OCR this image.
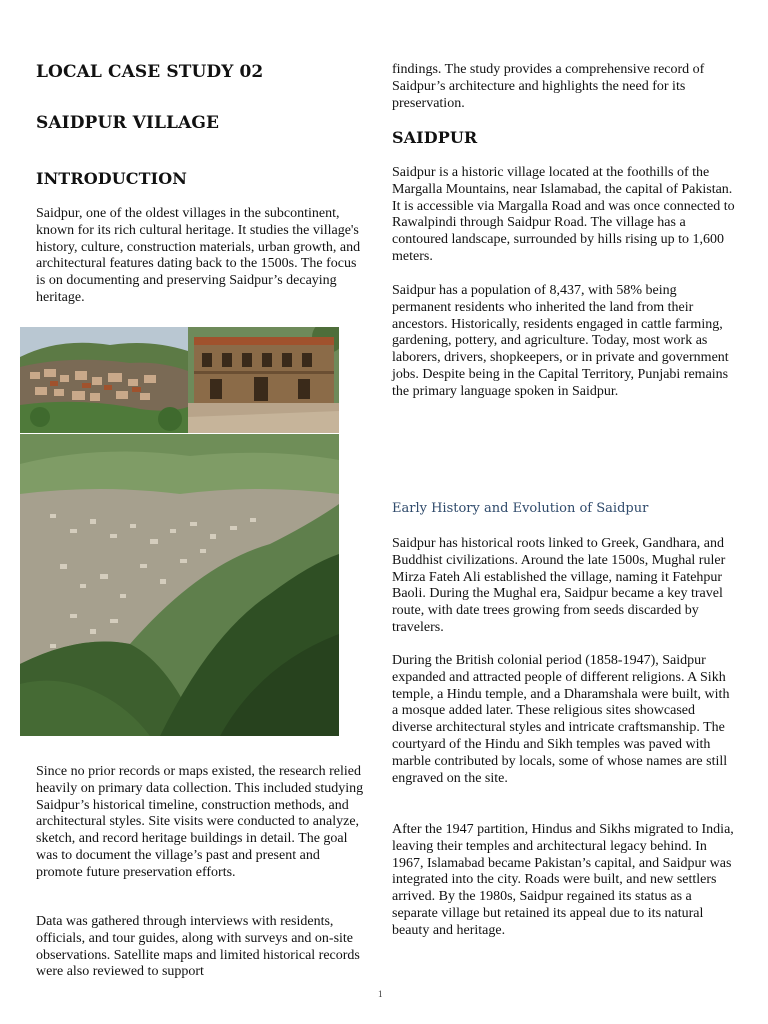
LOCAL CASE STUDY 02
SAIDPUR VILLAGE
INTRODUCTION

Saidpur, one of the oldest villages in the subcontinent, known for its rich cultural heritage. It studies the village's history, culture, construction materials, urban growth, and architectural features dating back to the 1500s. The focus is on documenting and preserving Saidpur’s decaying heritage.

Since no prior records or maps existed, the research relied heavily on primary data collection. This included studying Saidpur’s historical timeline, construction methods, and architectural styles. Site visits were conducted to analyze, sketch, and record heritage buildings in detail. The goal was to document the village’s past and present and promote future preservation efforts.

Data was gathered through interviews with residents, officials, and tour guides, along with surveys and on-site observations. Satellite maps and limited historical records were also reviewed to support

findings. The study provides a comprehensive record of Saidpur’s architecture and highlights the need for its preservation.

SAIDPUR

Saidpur is a historic village located at the foothills of the Margalla Mountains, near Islamabad, the capital of Pakistan. It is accessible via Margalla Road and was once connected to Rawalpindi through Saidpur Road. The village has a contoured landscape, surrounded by hills rising up to 1,600 meters.

Saidpur has a population of 8,437, with 58% being permanent residents who inherited the land from their ancestors. Historically, residents engaged in cattle farming, gardening, pottery, and agriculture. Today, most work as laborers, drivers, shopkeepers, or in private and government jobs. Despite being in the Capital Territory, Punjabi remains the primary language spoken in Saidpur.

Early History and Evolution of Saidpur

Saidpur has historical roots linked to Greek, Gandhara, and Buddhist civilizations. Around the late 1500s, Mughal ruler Mirza Fateh Ali established the village, naming it Fatehpur Baoli. During the Mughal era, Saidpur became a key travel route, with date trees growing from seeds discarded by travelers.

During the British colonial period (1858-1947), Saidpur expanded and attracted people of different religions. A Sikh temple, a Hindu temple, and a Dharamshala were built, with a mosque added later. These religious sites showcased diverse architectural styles and intricate craftsmanship. The courtyard of the Hindu and Sikh temples was paved with marble contributed by locals, some of whose names are still engraved on the site.

After the 1947 partition, Hindus and Sikhs migrated to India, leaving their temples and architectural legacy behind. In 1967, Islamabad became Pakistan’s capital, and Saidpur was integrated into the city. Roads were built, and new settlers arrived. By the 1980s, Saidpur regained its status as a separate village but retained its appeal due to its natural beauty and heritage.

1
